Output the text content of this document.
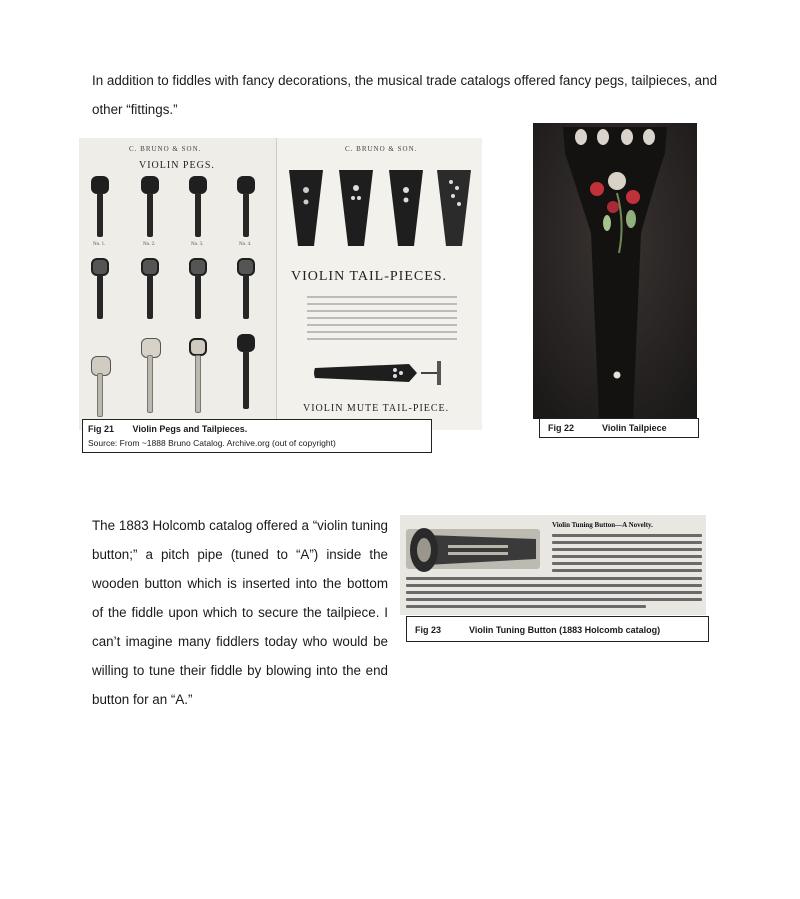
In addition to fiddles with fancy decorations, the musical trade catalogs offered fancy pegs, tailpieces, and other “fittings.”

C. BRUNO & SON.
VIOLIN PEGS.
No. 1.	No. 2.	No. 3.	No. 4.
C. BRUNO & SON.
VIOLIN TAIL-PIECES.
VIOLIN MUTE TAIL-PIECE.
Fig 21 Violin Pegs and Tailpieces.
Source: From ~1888 Bruno Catalog. Archive.org (out of copyright)
Fig 22	Violin Tailpiece

The 1883 Holcomb catalog offered a “violin tuning button;” a pitch pipe (tuned to “A”) inside the wooden button which is inserted into the bottom of the fiddle upon which to secure the tailpiece. I can’t imagine many fiddlers today who would be willing to tune their fiddle by blowing into the end button for an “A.”

Violin Tuning Button—A Novelty.
Fig 23	Violin Tuning Button (1883 Holcomb catalog)
